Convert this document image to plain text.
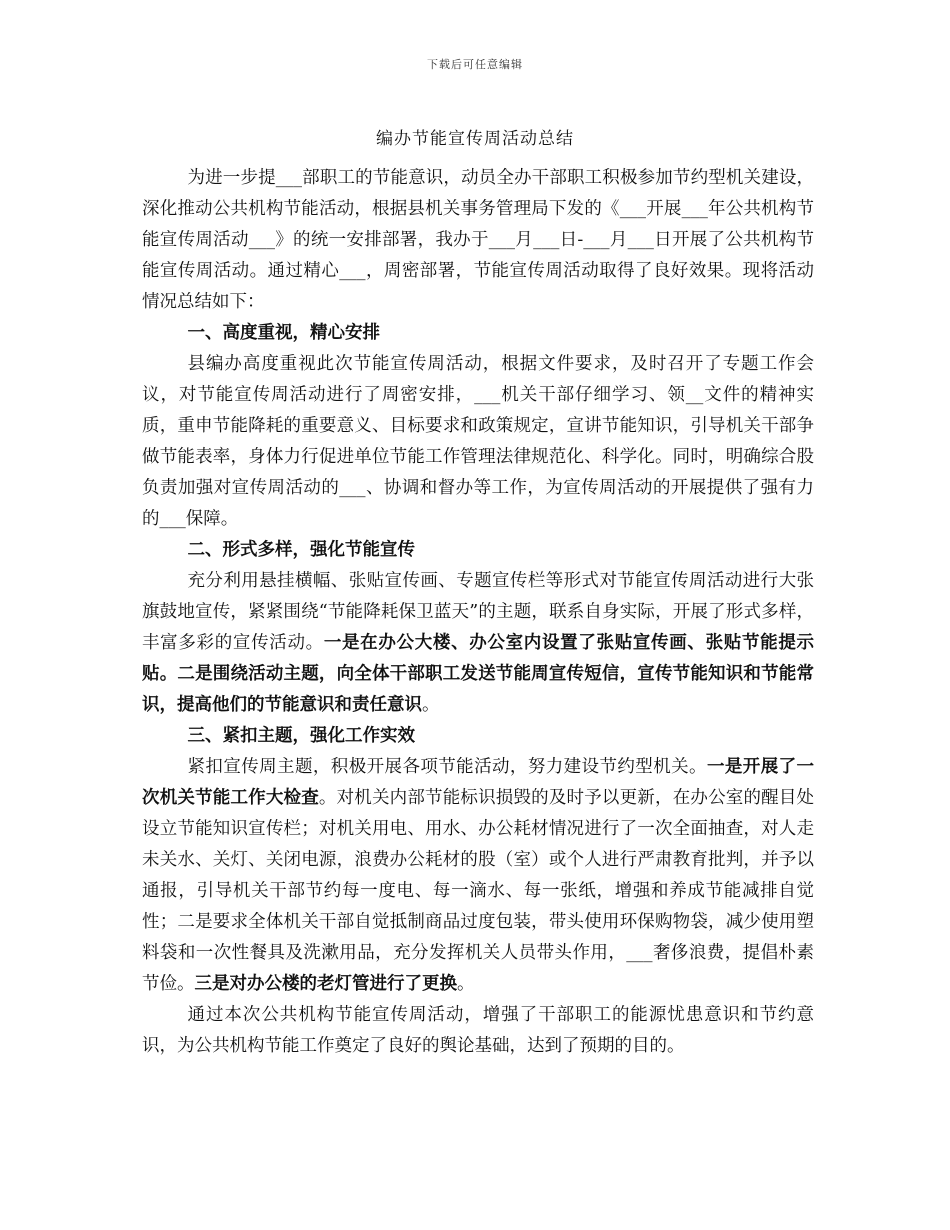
下载后可任意编辑
编办节能宣传周活动总结

为进一步提___部职工的节能意识，动员全办干部职工积极参加节约型机关建设，深化推动公共机构节能活动，根据县机关事务管理局下发的《___开展___年公共机构节能宣传周活动___》的统一安排部署，我办于___月___日-___月___日开展了公共机构节能宣传周活动。通过精心___，周密部署，节能宣传周活动取得了良好效果。现将活动情况总结如下：

一、高度重视，精心安排

县编办高度重视此次节能宣传周活动，根据文件要求，及时召开了专题工作会议，对节能宣传周活动进行了周密安排，___机关干部仔细学习、领__文件的精神实质，重申节能降耗的重要意义、目标要求和政策规定，宣讲节能知识，引导机关干部争做节能表率，身体力行促进单位节能工作管理法律规范化、科学化。同时，明确综合股负责加强对宣传周活动的___、协调和督办等工作，为宣传周活动的开展提供了强有力的___保障。

二、形式多样，强化节能宣传

充分利用悬挂横幅、张贴宣传画、专题宣传栏等形式对节能宣传周活动进行大张旗鼓地宣传，紧紧围绕“节能降耗保卫蓝天”的主题，联系自身实际，开展了形式多样，丰富多彩的宣传活动。一是在办公大楼、办公室内设置了张贴宣传画、张贴节能提示贴。二是围绕活动主题，向全体干部职工发送节能周宣传短信，宣传节能知识和节能常识，提高他们的节能意识和责任意识。

三、紧扣主题，强化工作实效

紧扣宣传周主题，积极开展各项节能活动，努力建设节约型机关。一是开展了一次机关节能工作大检查。对机关内部节能标识损毁的及时予以更新，在办公室的醒目处设立节能知识宣传栏；对机关用电、用水、办公耗材情况进行了一次全面抽查，对人走未关水、关灯、关闭电源，浪费办公耗材的股（室）或个人进行严肃教育批判，并予以通报，引导机关干部节约每一度电、每一滴水、每一张纸，增强和养成节能减排自觉性；二是要求全体机关干部自觉抵制商品过度包装，带头使用环保购物袋，减少使用塑料袋和一次性餐具及洗漱用品，充分发挥机关人员带头作用，___奢侈浪费，提倡朴素节俭。三是对办公楼的老灯管进行了更换。

通过本次公共机构节能宣传周活动，增强了干部职工的能源忧患意识和节约意识，为公共机构节能工作奠定了良好的舆论基础，达到了预期的目的。
